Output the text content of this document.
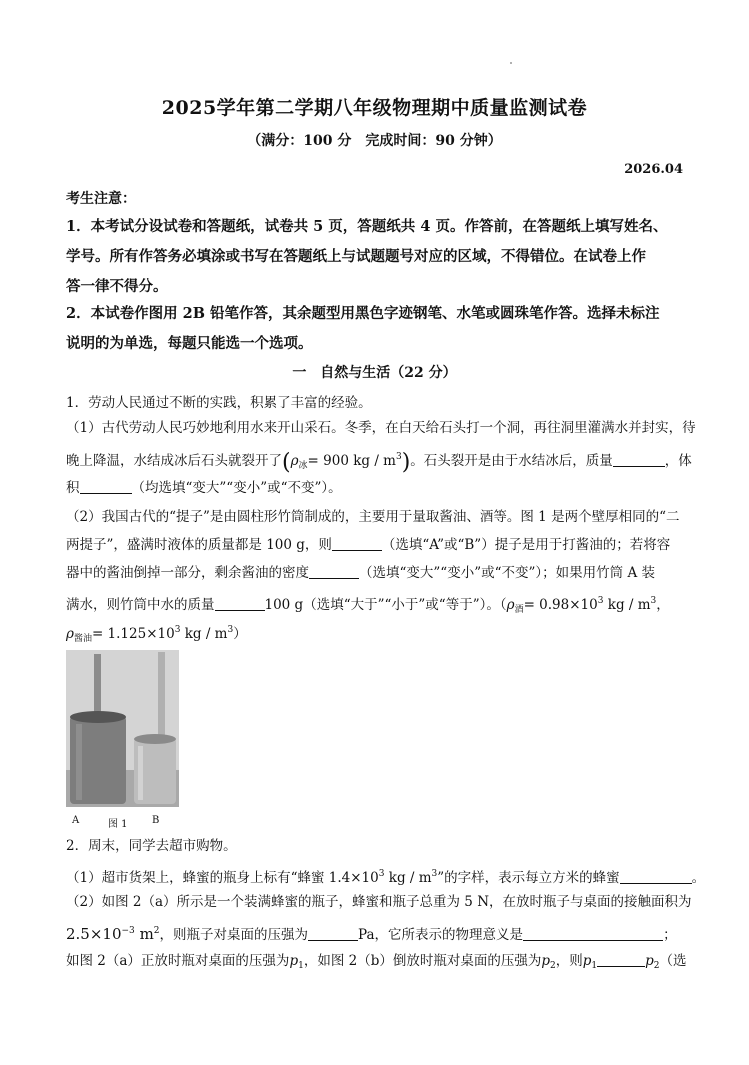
2025学年第二学期八年级物理期中质量监测试卷
（满分：100 分　完成时间：90 分钟）
2026.04
考生注意：
1．本考试分设试卷和答题纸，试卷共 5 页，答题纸共 4 页。作答前，在答题纸上填写姓名、
学号。所有作答务必填涂或书写在答题纸上与试题题号对应的区域，不得错位。在试卷上作
答一律不得分。
2．本试卷作图用 2B 铅笔作答，其余题型用黑色字迹钢笔、水笔或圆珠笔作答。选择未标注
说明的为单选，每题只能选一个选项。
一　自然与生活（22 分）
1．劳动人民通过不断的实践，积累了丰富的经验。
（1）古代劳动人民巧妙地利用水来开山采石。冬季，在白天给石头打一个洞，再往洞里灌满水并封实，待
晚上降温，水结成冰后石头就裂开了($\rho_冰= 900$ kg / $m^3$)。石头裂开是由于水结冰后，质量	，体
积	（均选填“变大”“变小”或“不变”）。
（2）我国古代的“提子”是由圆柱形竹筒制成的，主要用于量取酱油、酒等。图 1 是两个壁厚相同的“二
两提子”，盛满时液体的质量都是 100 g，则	（选填“A”或“B”）提子是用于打酱油的；若将容
器中的酱油倒掉一部分，剩余酱油的密度	（选填“变大”“变小”或“不变”）；如果用竹筒 A 装
满水，则竹筒中水的质量	100 g（选填“大于”“小于”或“等于”）。（$\rho_酒= 0.98\times 10^3$ kg / $m^3$，
$\rho_{酱油}= 1.125\times 10^3$ kg / $m^3$）
A	图 1 B
2．周末，同学去超市购物。
（1）超市货架上，蜂蜜的瓶身上标有“蜂蜜 $1.4\times 10^3$ kg / $m^3$”的字样，表示每立方米的蜂蜜	。
（2）如图 2（a）所示是一个装满蜂蜜的瓶子，蜂蜜和瓶子总重为 5 N，在放时瓶子与桌面的接触面积为
$2.5\times 10^{-3}$ $m^2$，则瓶子对桌面的压强为	Pa，它所表示的物理意义是	；
如图 2（a）正放时瓶对桌面的压强为$p_1$，如图 2（b）倒放时瓶对桌面的压强为$p_2$，则$p_1$	$p_2$（选
